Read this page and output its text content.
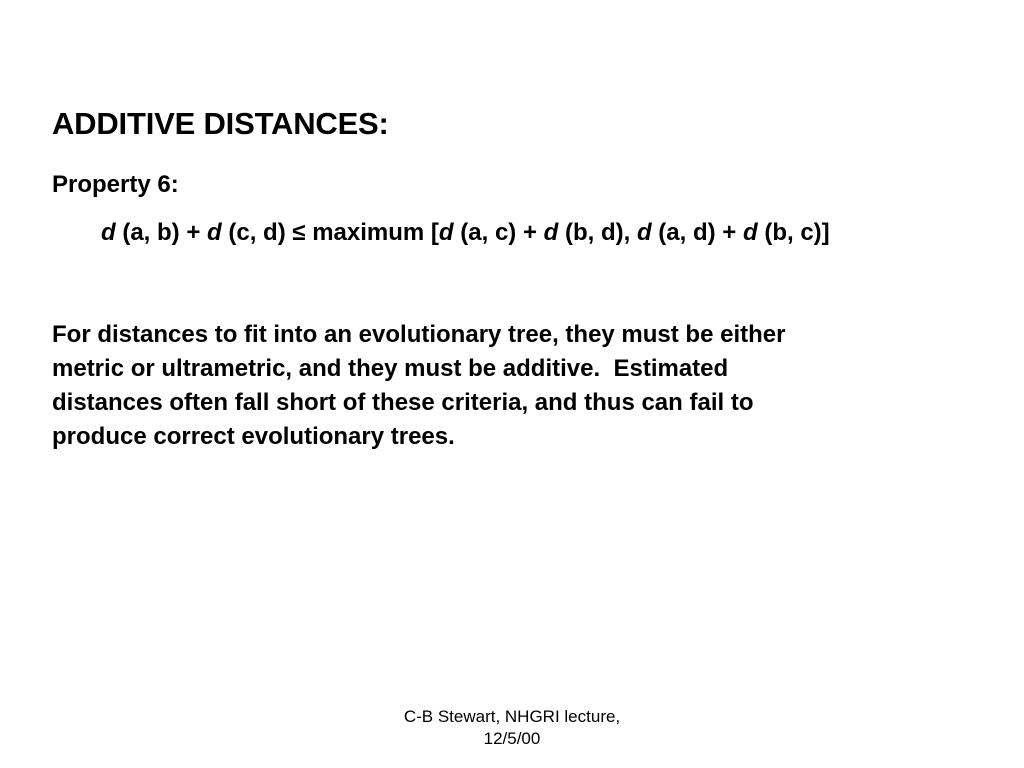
ADDITIVE DISTANCES:
Property 6:
d (a, b) + d (c, d) ≤ maximum [d (a, c) + d (b, d), d (a, d) + d (b, c)]
For distances to fit into an evolutionary tree, they must be either
metric or ultrametric, and they must be additive.  Estimated
distances often fall short of these criteria, and thus can fail to
produce correct evolutionary trees.
C-B Stewart, NHGRI lecture,
12/5/00
